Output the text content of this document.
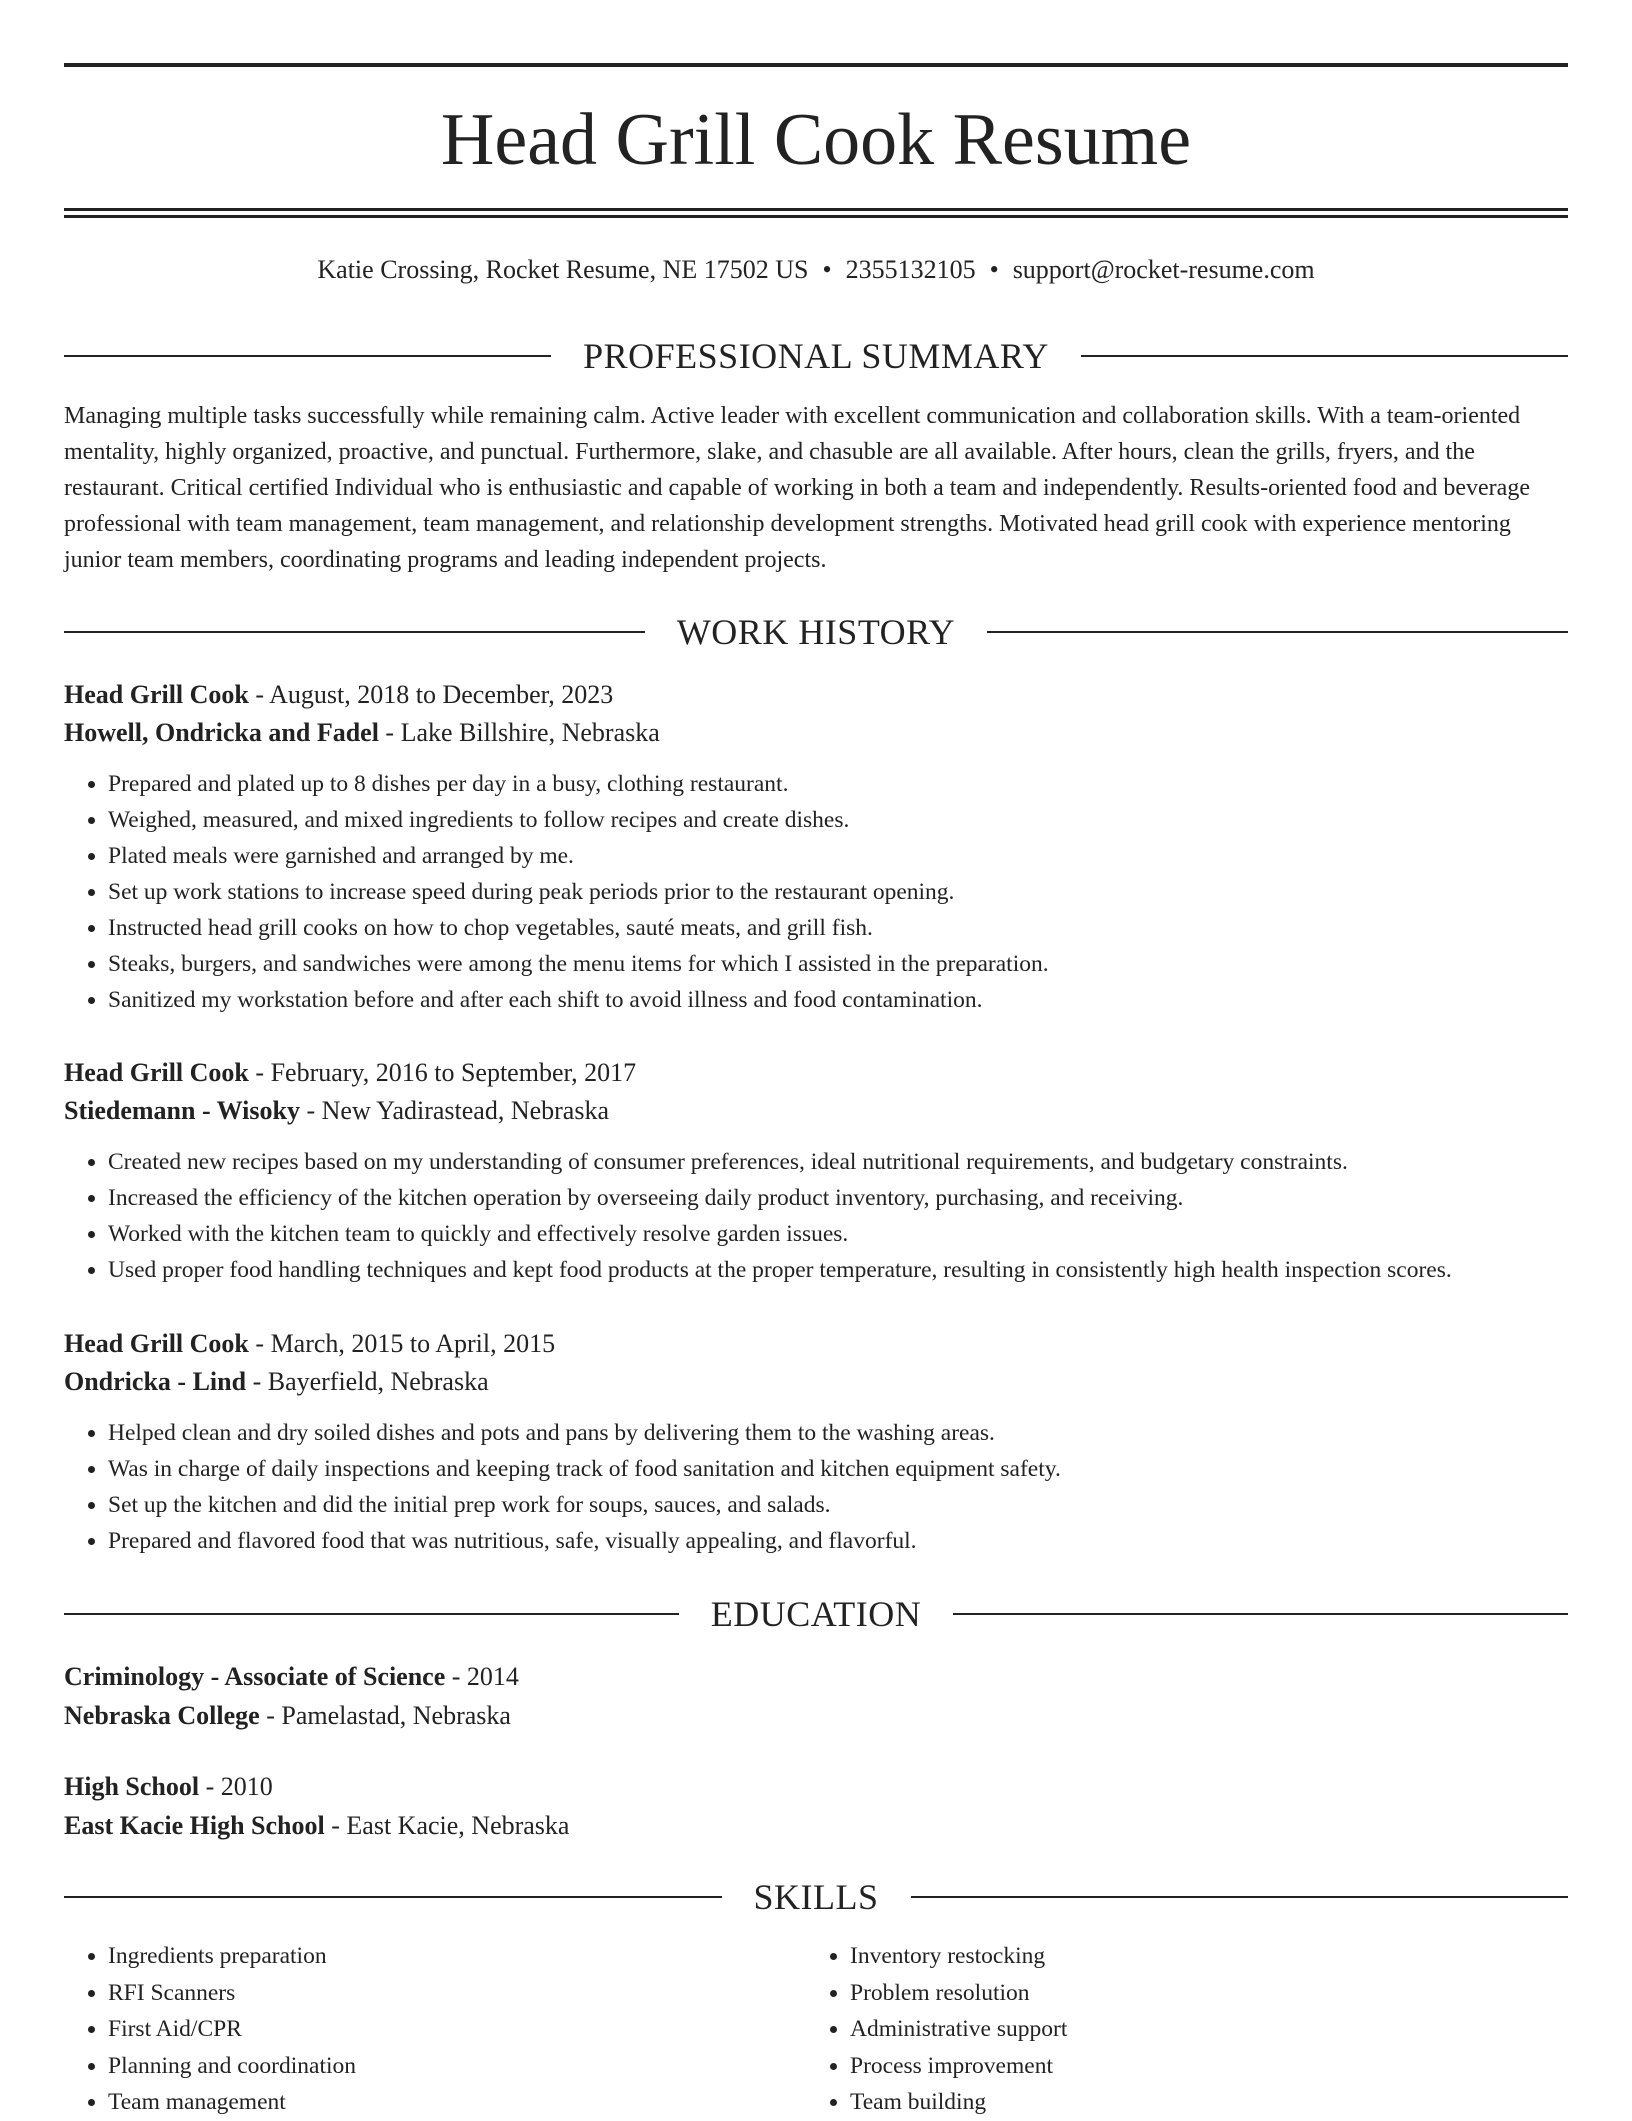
Head Grill Cook Resume
Katie Crossing, Rocket Resume, NE 17502 US • 2355132105 • support@rocket-resume.com
PROFESSIONAL SUMMARY

Managing multiple tasks successfully while remaining calm. Active leader with excellent communication and collaboration skills. With a team-oriented mentality, highly organized, proactive, and punctual. Furthermore, slake, and chasuble are all available. After hours, clean the grills, fryers, and the restaurant. Critical certified Individual who is enthusiastic and capable of working in both a team and independently. Results-oriented food and beverage professional with team management, team management, and relationship development strengths. Motivated head grill cook with experience mentoring junior team members, coordinating programs and leading independent projects.

WORK HISTORY
Head Grill Cook - August, 2018 to December, 2023
Howell, Ondricka and Fadel - Lake Billshire, Nebraska
• Prepared and plated up to 8 dishes per day in a busy, clothing restaurant.
• Weighed, measured, and mixed ingredients to follow recipes and create dishes.
• Plated meals were garnished and arranged by me.
• Set up work stations to increase speed during peak periods prior to the restaurant opening.
• Instructed head grill cooks on how to chop vegetables, sauté meats, and grill fish.
• Steaks, burgers, and sandwiches were among the menu items for which I assisted in the preparation.
• Sanitized my workstation before and after each shift to avoid illness and food contamination.
Head Grill Cook - February, 2016 to September, 2017
Stiedemann - Wisoky - New Yadirastead, Nebraska
• Created new recipes based on my understanding of consumer preferences, ideal nutritional requirements, and budgetary constraints.
• Increased the efficiency of the kitchen operation by overseeing daily product inventory, purchasing, and receiving.
• Worked with the kitchen team to quickly and effectively resolve garden issues.
• Used proper food handling techniques and kept food products at the proper temperature, resulting in consistently high health inspection scores.
Head Grill Cook - March, 2015 to April, 2015
Ondricka - Lind - Bayerfield, Nebraska
• Helped clean and dry soiled dishes and pots and pans by delivering them to the washing areas.
• Was in charge of daily inspections and keeping track of food sanitation and kitchen equipment safety.
• Set up the kitchen and did the initial prep work for soups, sauces, and salads.
• Prepared and flavored food that was nutritious, safe, visually appealing, and flavorful.
EDUCATION
Criminology - Associate of Science - 2014
Nebraska College - Pamelastad, Nebraska
High School - 2010
East Kacie High School - East Kacie, Nebraska
SKILLS
• Ingredients preparation
• RFI Scanners
• First Aid/CPR
• Planning and coordination
• Team management
• Inventory restocking
• Problem resolution
• Administrative support
• Process improvement
• Team building
